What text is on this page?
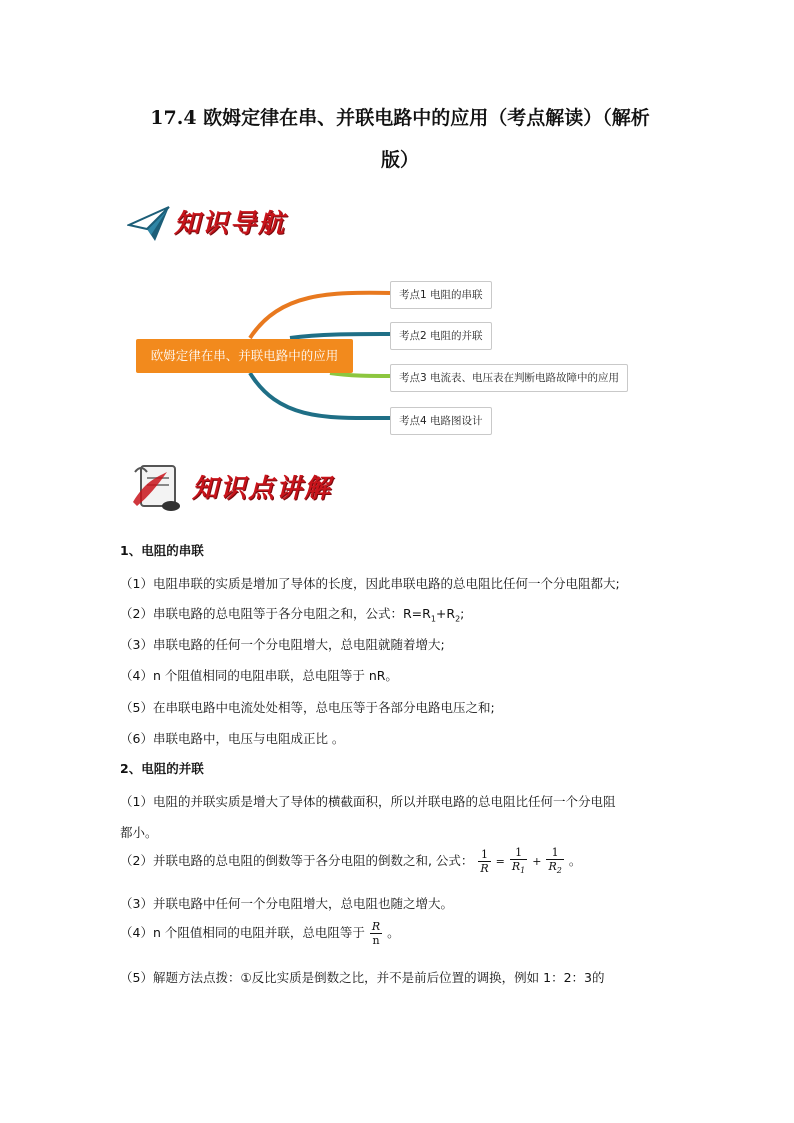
17.4 欧姆定律在串、并联电路中的应用（考点解读）（解析
版）
知识导航
欧姆定律在串、并联电路中的应用
考点1 电阻的串联
考点2 电阻的并联
考点3 电流表、电压表在判断电路故障中的应用
考点4 电路图设计
知识点讲解
1、电阻的串联
（1）电阻串联的实质是增加了导体的长度，因此串联电路的总电阻比任何一个分电阻都大;
（2）串联电路的总电阻等于各分电阻之和，公式：$R=R_1+R_2$;
（3）串联电路的任何一个分电阻增大，总电阻就随着增大;
（4）n 个阻值相同的电阻串联，总电阻等于 nR。
（5）在串联电路中电流处处相等，总电压等于各部分电路电压之和;
（6）串联电路中，电压与电阻成正比 。
2、电阻的并联
（1）电阻的并联实质是增大了导体的横截面积，所以并联电路的总电阻比任何一个分电阻
都小。
（2）并联电路的总电阻的倒数等于各分电阻的倒数之和, 公式： $\frac{1}{R} = \frac{1}{R_1} + \frac{1}{R_2}$ 。
（3）并联电路中任何一个分电阻增大，总电阻也随之增大。
（4）n 个阻值相同的电阻并联，总电阻等于 $\frac{R}{n}$ 。
（5）解题方法点拨：①反比实质是倒数之比，并不是前后位置的调换，例如 1：2：3的
